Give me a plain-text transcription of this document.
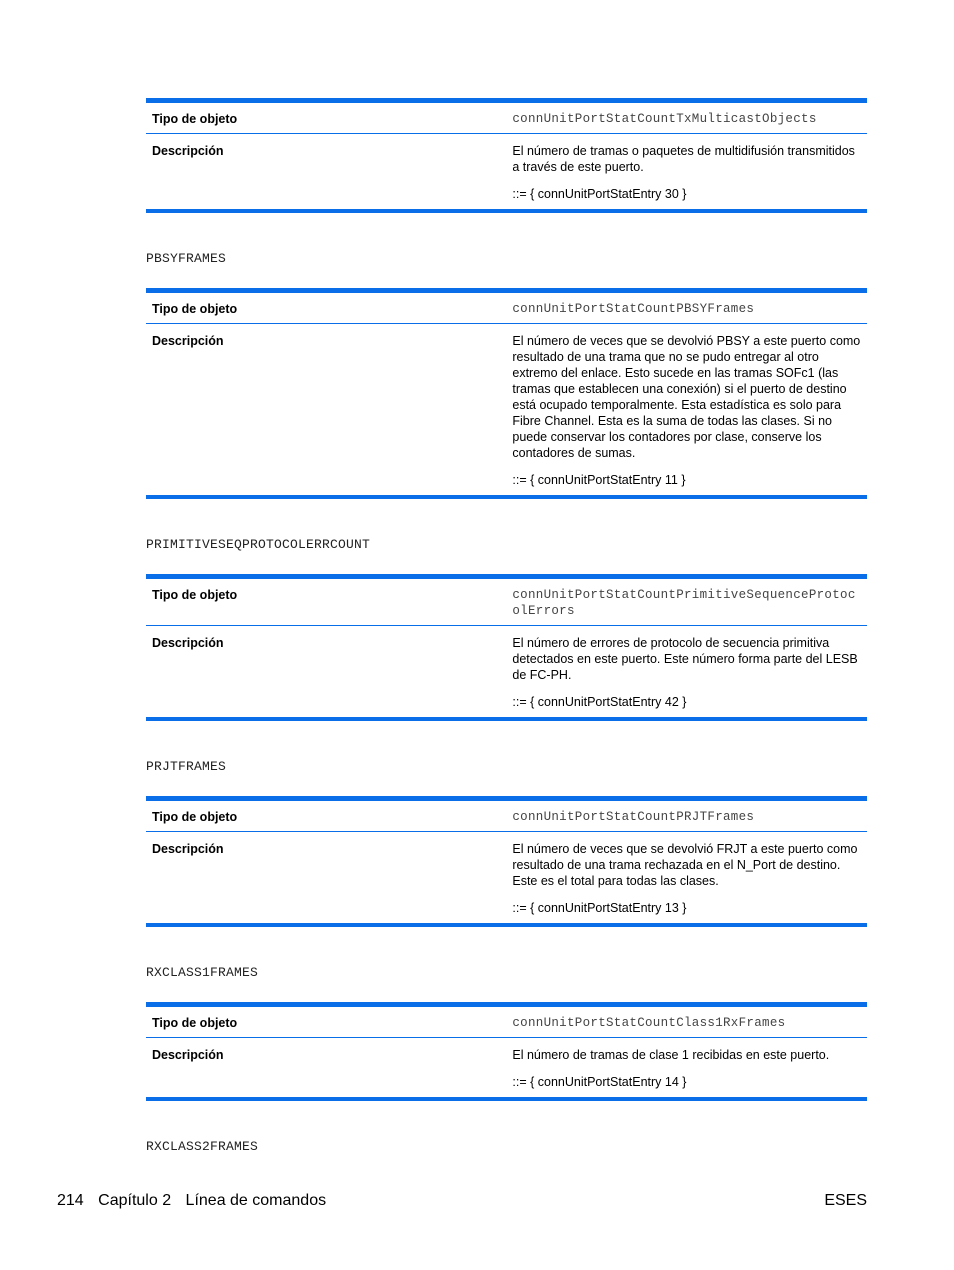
Tipo de objeto	connUnitPortStatCountTxMulticastObjects
Descripción	El número de tramas o paquetes de multidifusión transmitidos a través de este puerto.

::= { connUnitPortStatEntry 30 }

PBSYFRAMES
Tipo de objeto	connUnitPortStatCountPBSYFrames
Descripción	El número de veces que se devolvió PBSY a este puerto como resultado de una trama que no se pudo entregar al otro extremo del enlace. Esto sucede en las tramas SOFc1 (las tramas que establecen una conexión) si el puerto de destino está ocupado temporalmente. Esta estadística es solo para Fibre Channel. Esta es la suma de todas las clases. Si no puede conservar los contadores por clase, conserve los contadores de sumas.

::= { connUnitPortStatEntry 11 }

PRIMITIVESEQPROTOCOLERRCOUNT
Tipo de objeto	connUnitPortStatCountPrimitiveSequenceProtocolErrors
Descripción	El número de errores de protocolo de secuencia primitiva detectados en este puerto. Este número forma parte del LESB de FC-PH.

::= { connUnitPortStatEntry 42 }

PRJTFRAMES
Tipo de objeto	connUnitPortStatCountPRJTFrames
Descripción	El número de veces que se devolvió FRJT a este puerto como resultado de una trama rechazada en el N_Port de destino. Este es el total para todas las clases.

::= { connUnitPortStatEntry 13 }

RXCLASS1FRAMES
Tipo de objeto	connUnitPortStatCountClass1RxFrames
Descripción	El número de tramas de clase 1 recibidas en este puerto.

::= { connUnitPortStatEntry 14 }

RXCLASS2FRAMES
214 Capítulo 2 Línea de comandos	ESES
